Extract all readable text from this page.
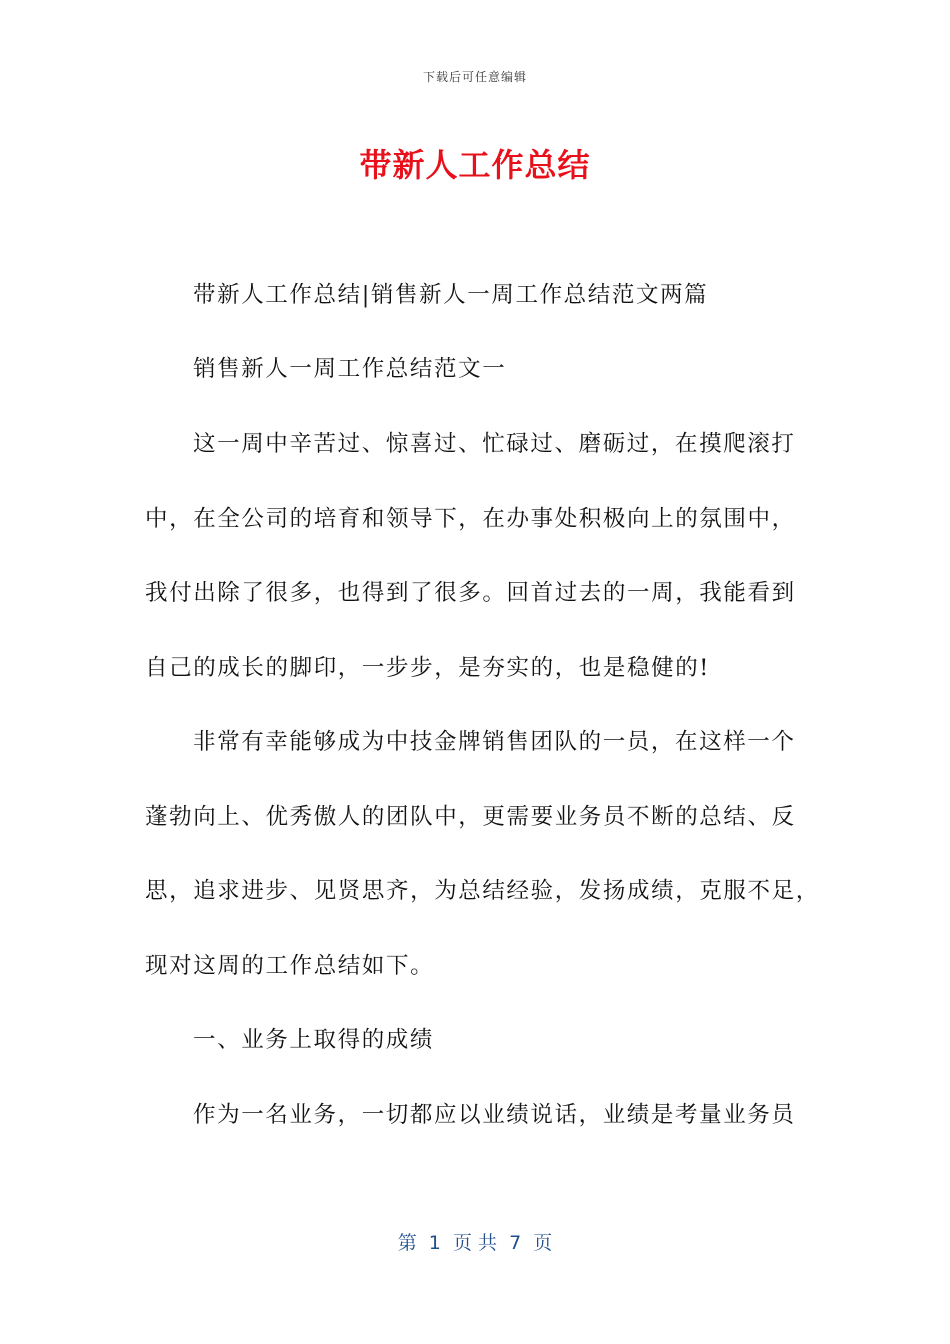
下载后可任意编辑
带新人工作总结
带新人工作总结|销售新人一周工作总结范文两篇
销售新人一周工作总结范文一
这一周中辛苦过、惊喜过、忙碌过、磨砺过，在摸爬滚打
中，在全公司的培育和领导下，在办事处积极向上的氛围中，
我付出除了很多，也得到了很多。回首过去的一周，我能看到
自己的成长的脚印，一步步，是夯实的，也是稳健的!
非常有幸能够成为中技金牌销售团队的一员，在这样一个
蓬勃向上、优秀傲人的团队中，更需要业务员不断的总结、反
思，追求进步、见贤思齐，为总结经验，发扬成绩，克服不足，
现对这周的工作总结如下。
一、业务上取得的成绩
作为一名业务，一切都应以业绩说话，业绩是考量业务员
第  1  页 共  7  页
